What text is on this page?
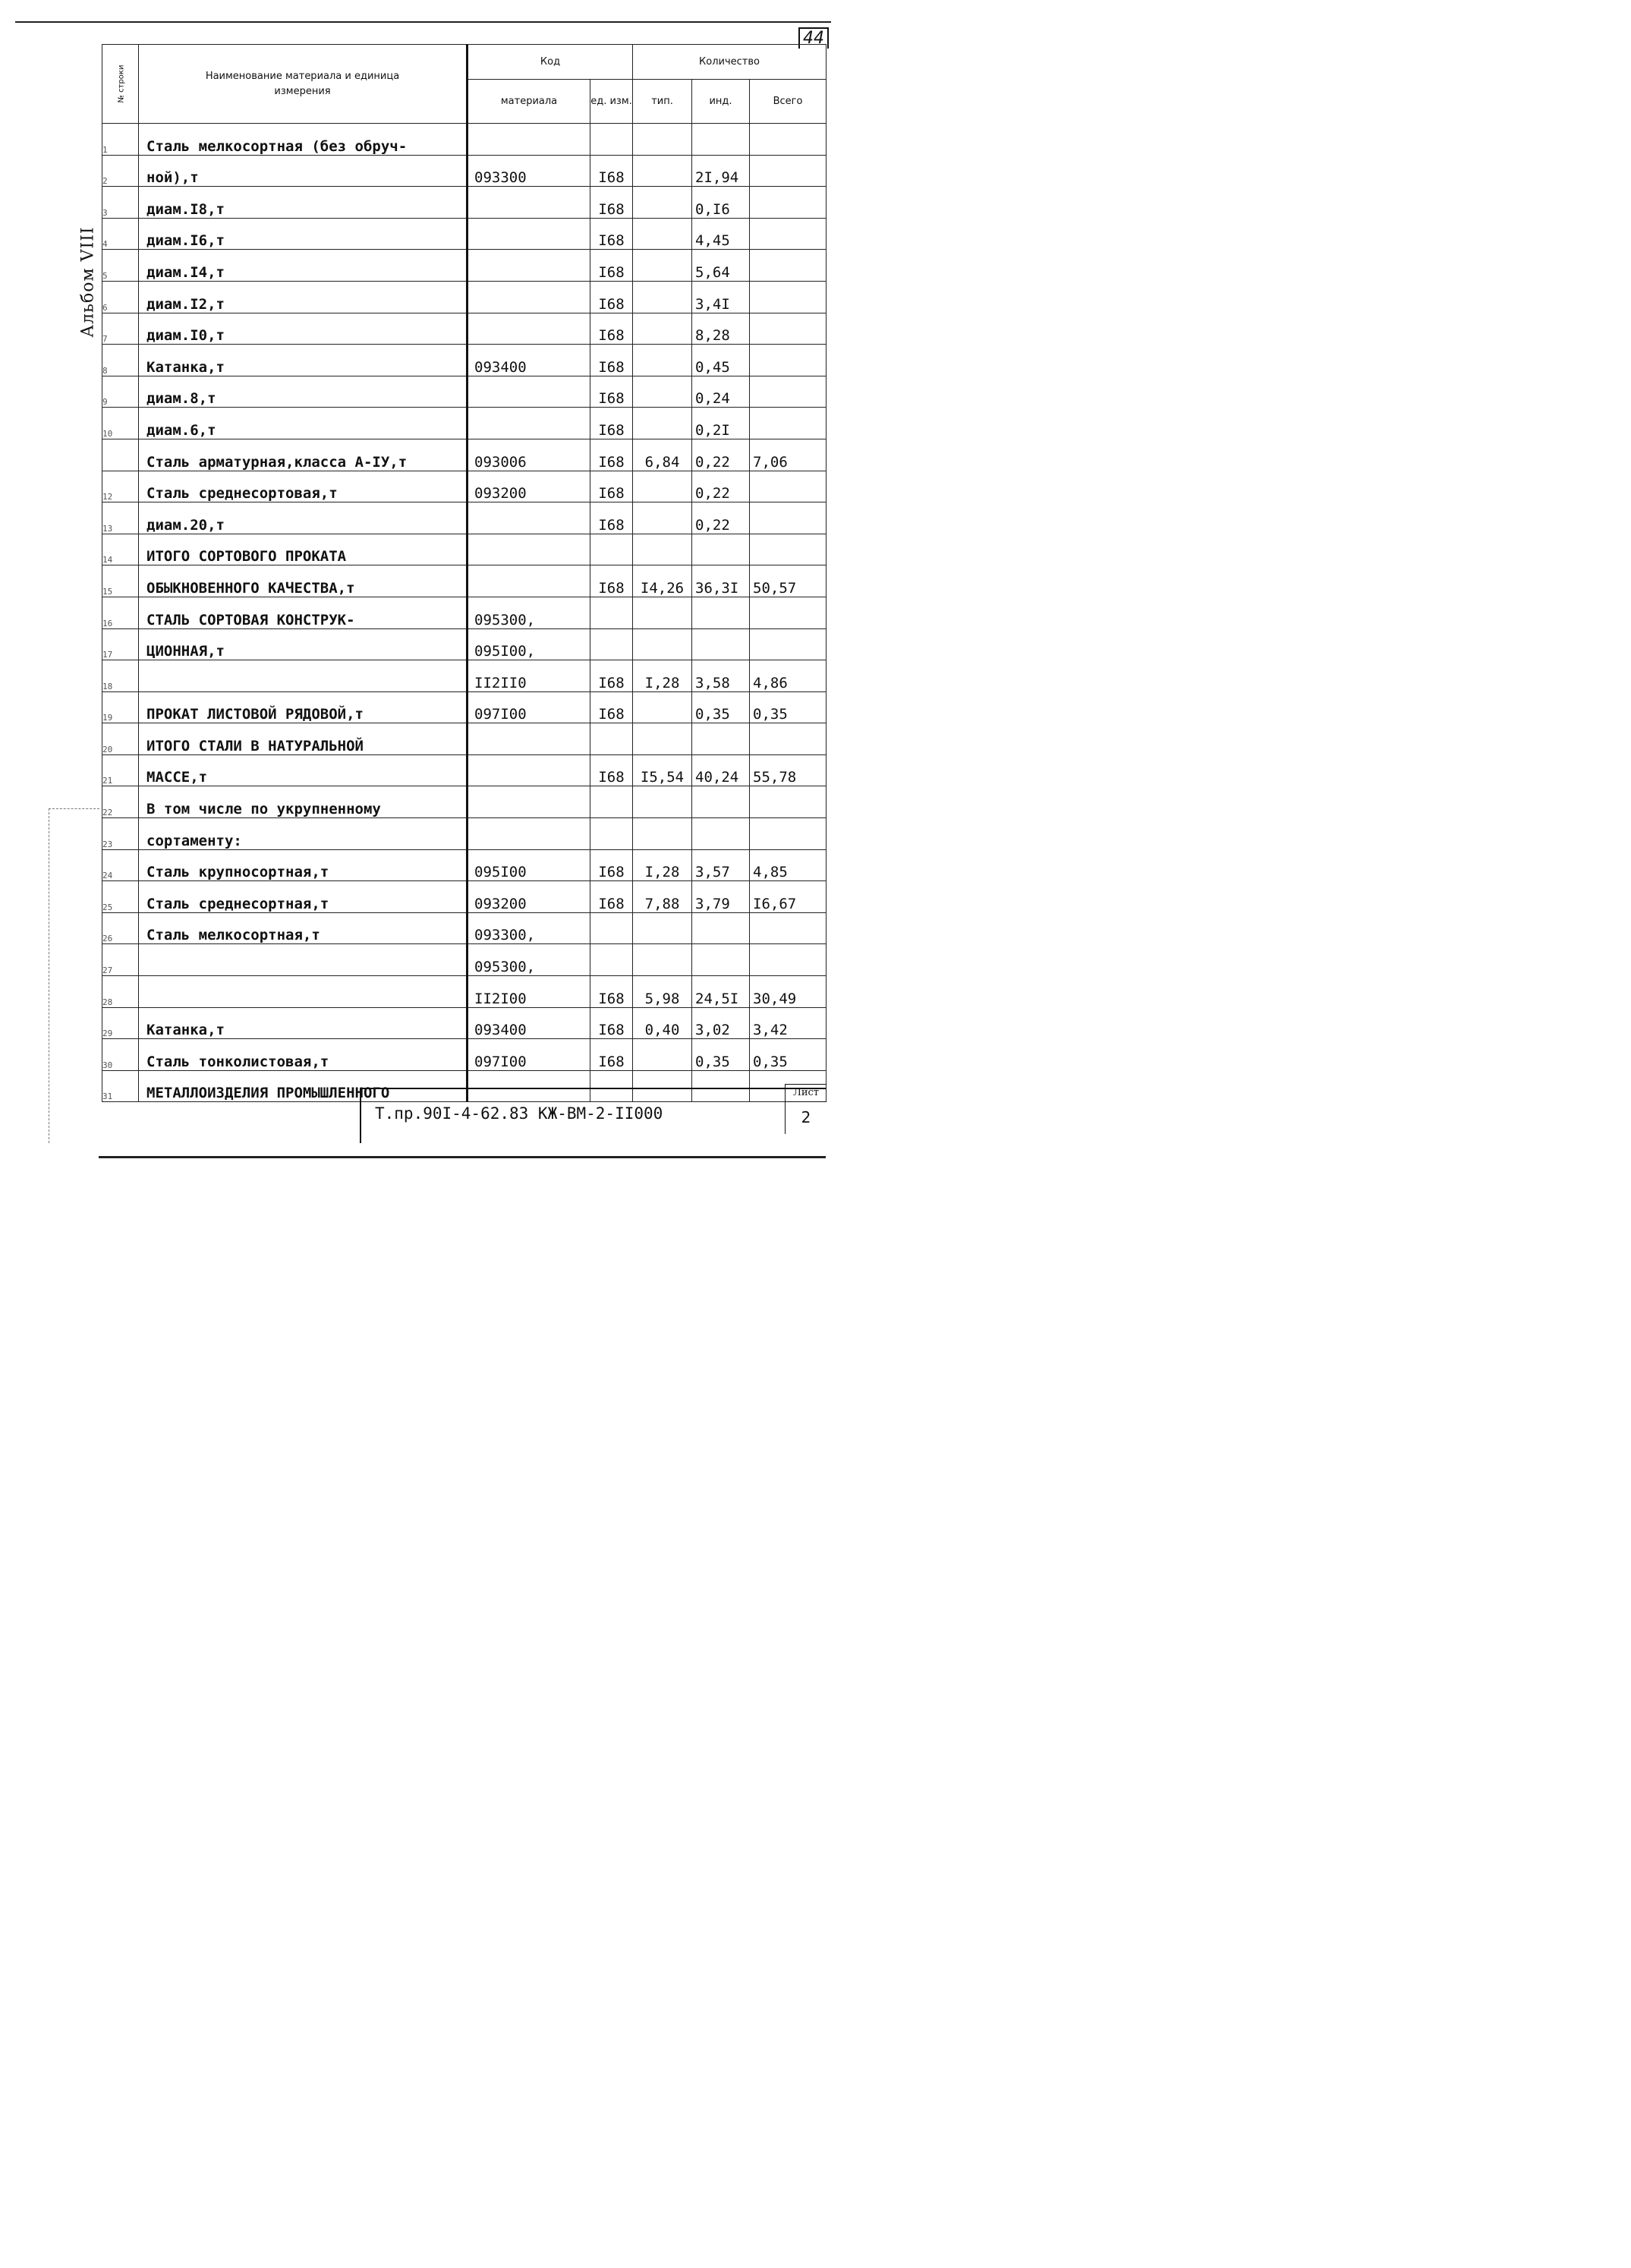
44
Альбом VIII
№ строки	Наименование материала и единица измерения	Код		Количество		
		материала	ед. изм.	тип.	инд.	Всего
1	Сталь мелкосортная (без обруч-					
2	ной),т	093300	I68		2I,94	
3	диам.I8,т		I68		0,I6	
4	диам.I6,т		I68		4,45	
5	диам.I4,т		I68		5,64	
6	диам.I2,т		I68		3,4I	
7	диам.I0,т		I68		8,28	
8	Катанка,т	093400	I68		0,45	
9	диам.8,т		I68		0,24	
10	диам.6,т		I68		0,2I	
	Сталь арматурная,класса А-IУ,т	093006	I68	6,84	0,22	7,06
12	Сталь среднесортовая,т	093200	I68		0,22	
13	диам.20,т		I68		0,22	
14	ИТОГО СОРТОВОГО ПРОКАТА					
15	ОБЫКНОВЕННОГО КАЧЕСТВА,т		I68	I4,26	36,3I	50,57
16	СТАЛЬ СОРТОВАЯ КОНСТРУК-	095300,				
17	ЦИОННАЯ,т	095I00,				
18		II2II0	I68	I,28	3,58	4,86
19	ПРОКАТ ЛИСТОВОЙ РЯДОВОЙ,т	097I00	I68		0,35	0,35
20	ИТОГО СТАЛИ В НАТУРАЛЬНОЙ					
21	МАССЕ,т		I68	I5,54	40,24	55,78
22	В том числе по укрупненному					
23	сортаменту:					
24	Сталь крупносортная,т	095I00	I68	I,28	3,57	4,85
25	Сталь среднесортная,т	093200	I68	7,88	3,79	I6,67
26	Сталь мелкосортная,т	093300,				
27		095300,				
28		II2I00	I68	5,98	24,5I	30,49
29	Катанка,т	093400	I68	0,40	3,02	3,42
30	Сталь тонколистовая,т	097I00	I68		0,35	0,35
31	МЕТАЛЛОИЗДЕЛИЯ ПРОМЫШЛЕННОГО					
Т.пр.90I-4-62.83 КЖ-ВМ-2-II000
Лист
2
